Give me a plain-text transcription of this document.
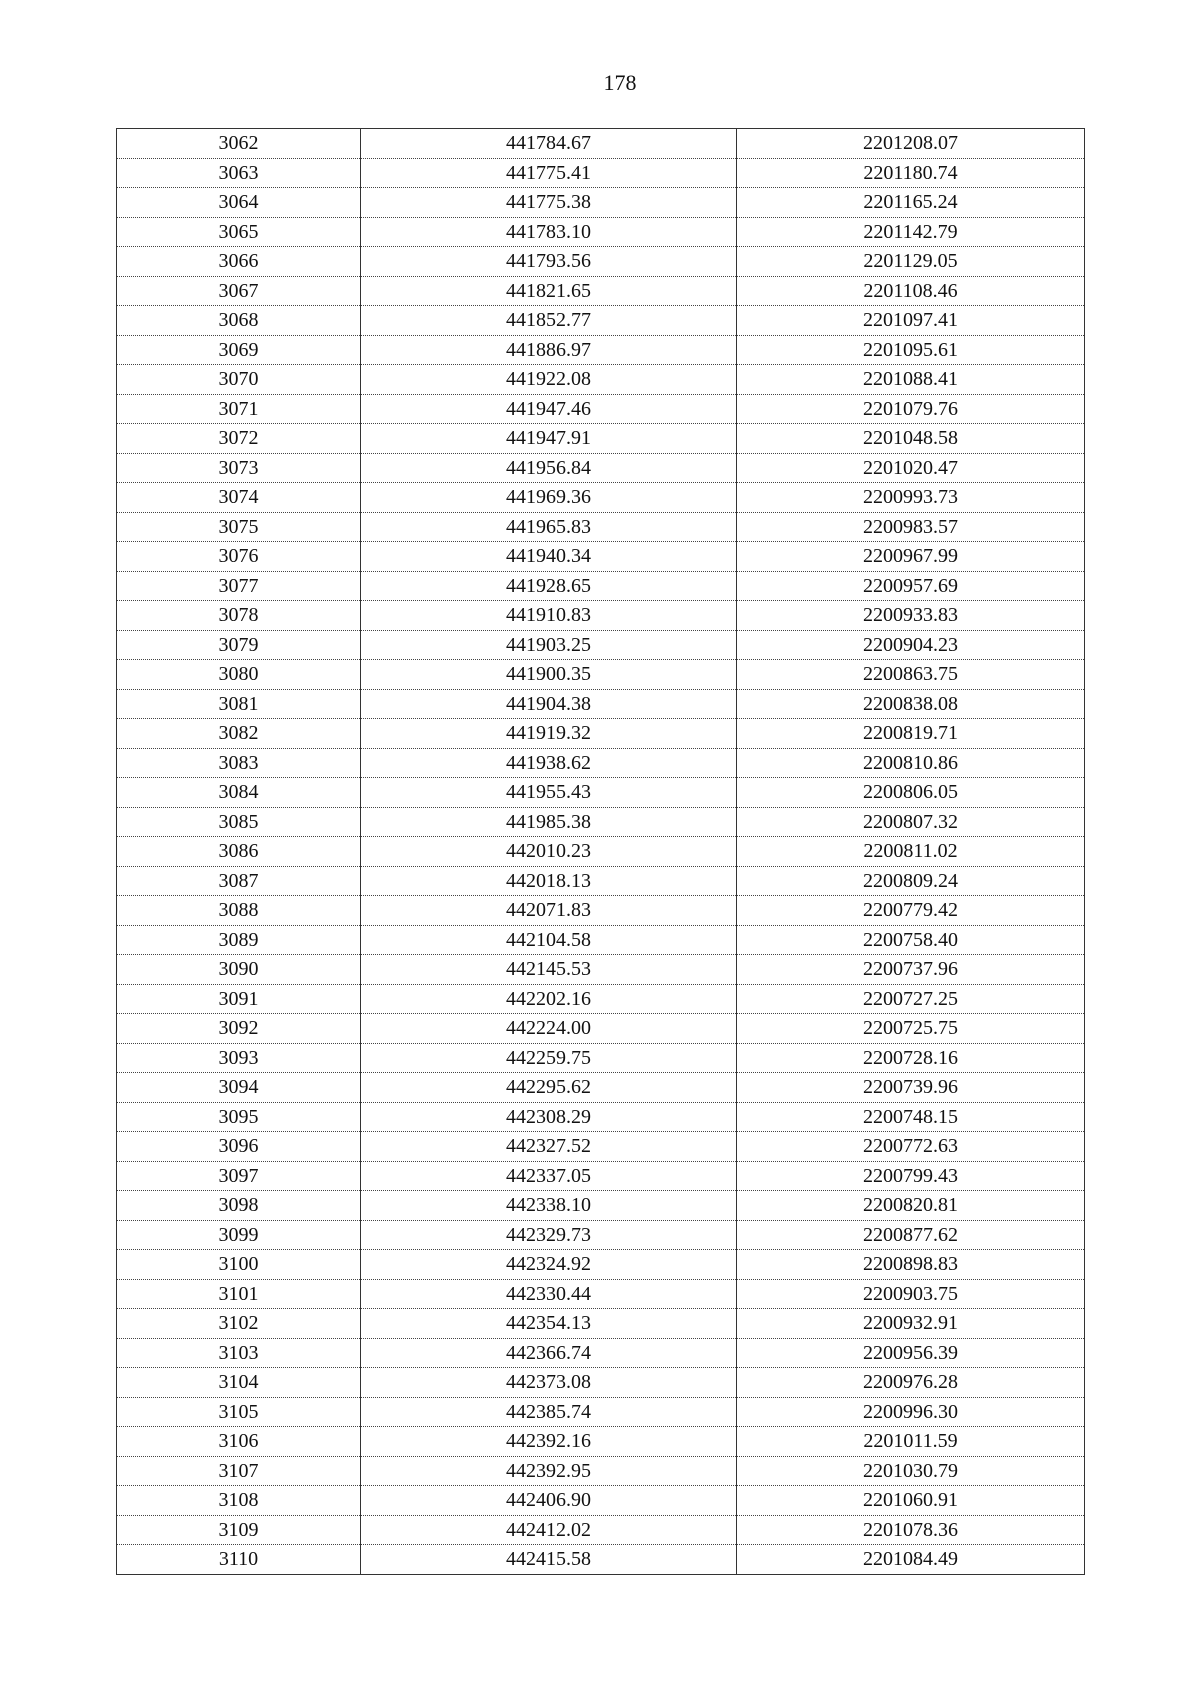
178
3062	441784.67	2201208.07
3063	441775.41	2201180.74
3064	441775.38	2201165.24
3065	441783.10	2201142.79
3066	441793.56	2201129.05
3067	441821.65	2201108.46
3068	441852.77	2201097.41
3069	441886.97	2201095.61
3070	441922.08	2201088.41
3071	441947.46	2201079.76
3072	441947.91	2201048.58
3073	441956.84	2201020.47
3074	441969.36	2200993.73
3075	441965.83	2200983.57
3076	441940.34	2200967.99
3077	441928.65	2200957.69
3078	441910.83	2200933.83
3079	441903.25	2200904.23
3080	441900.35	2200863.75
3081	441904.38	2200838.08
3082	441919.32	2200819.71
3083	441938.62	2200810.86
3084	441955.43	2200806.05
3085	441985.38	2200807.32
3086	442010.23	2200811.02
3087	442018.13	2200809.24
3088	442071.83	2200779.42
3089	442104.58	2200758.40
3090	442145.53	2200737.96
3091	442202.16	2200727.25
3092	442224.00	2200725.75
3093	442259.75	2200728.16
3094	442295.62	2200739.96
3095	442308.29	2200748.15
3096	442327.52	2200772.63
3097	442337.05	2200799.43
3098	442338.10	2200820.81
3099	442329.73	2200877.62
3100	442324.92	2200898.83
3101	442330.44	2200903.75
3102	442354.13	2200932.91
3103	442366.74	2200956.39
3104	442373.08	2200976.28
3105	442385.74	2200996.30
3106	442392.16	2201011.59
3107	442392.95	2201030.79
3108	442406.90	2201060.91
3109	442412.02	2201078.36
3110	442415.58	2201084.49
